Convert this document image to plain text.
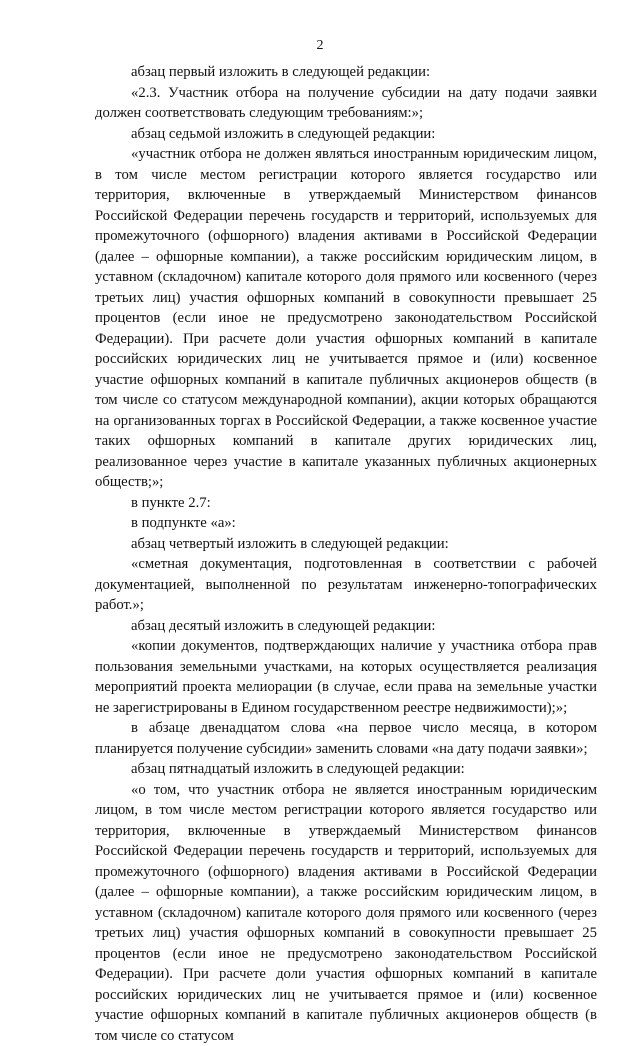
2

абзац первый изложить в следующей редакции:

«2.3. Участник отбора на получение субсидии на дату подачи заявки должен соответствовать следующим требованиям:»;

абзац седьмой изложить в следующей редакции:

«участник отбора не должен являться иностранным юридическим лицом, в том числе местом регистрации которого является государство или территория, включенные в утверждаемый Министерством финансов Российской Федерации перечень государств и территорий, используемых для промежуточного (офшорного) владения активами в Российской Федерации (далее – офшорные компании), а также российским юридическим лицом, в уставном (складочном) капитале которого доля прямого или косвенного (через третьих лиц) участия офшорных компаний в совокупности превышает 25 процентов (если иное не предусмотрено законодательством Российской Федерации). При расчете доли участия офшорных компаний в капитале российских юридических лиц не учитывается прямое и (или) косвенное участие офшорных компаний в капитале публичных акционеров обществ (в том числе со статусом международной компании), акции которых обращаются на организованных торгах в Российской Федерации, а также косвенное участие таких офшорных компаний в капитале других юридических лиц, реализованное через участие в капитале указанных публичных акционерных обществ;»;

в пункте 2.7:

в подпункте «а»:

абзац четвертый изложить в следующей редакции:

«сметная документация, подготовленная в соответствии с рабочей документацией, выполненной по результатам инженерно-топографических работ.»;

абзац десятый изложить в следующей редакции:

«копии документов, подтверждающих наличие у участника отбора прав пользования земельными участками, на которых осуществляется реализация мероприятий проекта мелиорации (в случае, если права на земельные участки не зарегистрированы в Едином государственном реестре недвижимости);»;

в абзаце двенадцатом слова «на первое число месяца, в котором планируется получение субсидии» заменить словами «на дату подачи заявки»;

абзац пятнадцатый изложить в следующей редакции:

«о том, что участник отбора не является иностранным юридическим лицом, в том числе местом регистрации которого является государство или территория, включенные в утверждаемый Министерством финансов Российской Федерации перечень государств и территорий, используемых для промежуточного (офшорного) владения активами в Российской Федерации (далее – офшорные компании), а также российским юридическим лицом, в уставном (складочном) капитале которого доля прямого или косвенного (через третьих лиц) участия офшорных компаний в совокупности превышает 25 процентов (если иное не предусмотрено законодательством Российской Федерации). При расчете доли участия офшорных компаний в капитале российских юридических лиц не учитывается прямое и (или) косвенное участие офшорных компаний в капитале публичных акционеров обществ (в том числе со статусом
